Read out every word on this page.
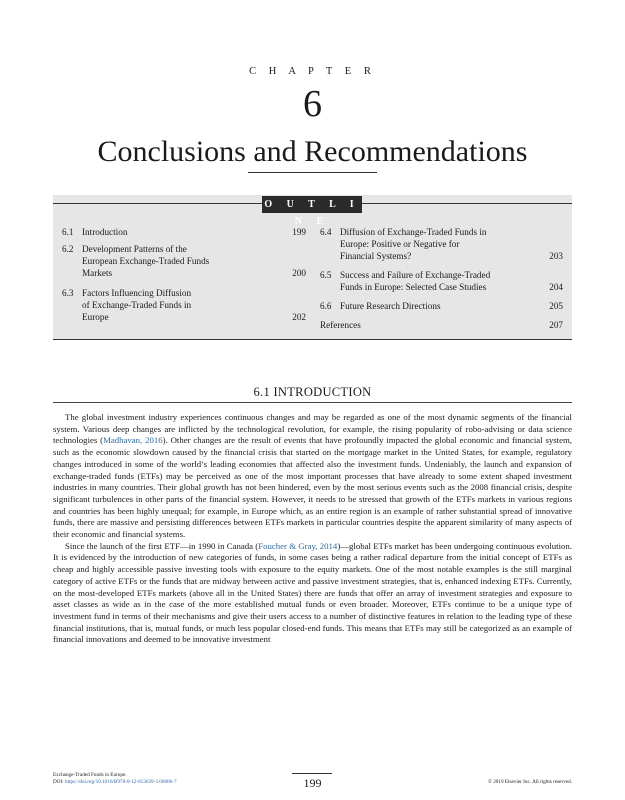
C H A P T E R
6
Conclusions and Recommendations
O U T L I N E
6.1 Introduction	199
6.2 Development Patterns of the
European Exchange-Traded Funds
Markets	200
6.3 Factors Influencing Diffusion
of Exchange-Traded Funds in
Europe	202
6.4 Diffusion of Exchange-Traded Funds in
Europe: Positive or Negative for
Financial Systems?	203
6.5 Success and Failure of Exchange-Traded
Funds in Europe: Selected Case Studies	204
6.6 Future Research Directions	205
References	207
6.1 INTRODUCTION

The global investment industry experiences continuous changes and may be regarded as one of the most dynamic segments of the financial system. Various deep changes are inflicted by the technological revolution, for example, the rising popularity of robo-advising or data science technologies (Madhavan, 2016). Other changes are the result of events that have profoundly impacted the global economic and financial system, such as the economic slowdown caused by the financial crisis that started on the mortgage market in the United States, for example, regulatory changes introduced in some of the world’s leading economies that affected also the investment funds. Undeniably, the launch and expansion of exchange-traded funds (ETFs) may be perceived as one of the most important processes that have already to some extent shaped investment industries in many countries. Their global growth has not been hindered, even by the most serious events such as the 2008 financial crisis, despite significant turbulences in other parts of the financial system. However, it needs to be stressed that growth of the ETFs markets in various regions and countries has been highly unequal; for example, in Europe which, as an entire region is an example of rather substantial spread of innovative funds, there are massive and persisting differences between ETFs markets in particular countries despite the apparent similarity of many aspects of their economic and financial systems.

Since the launch of the first ETF—in 1990 in Canada (Foucher & Gray, 2014)—global ETFs market has been undergoing continuous evolution. It is evidenced by the introduction of new categories of funds, in some cases being a rather radical departure from the initial concept of ETFs as cheap and highly accessible passive investing tools with exposure to the equity markets. One of the most notable examples is the still marginal category of active ETFs or the funds that are midway between active and passive investment strategies, that is, enhanced indexing ETFs. Currently, on the most-developed ETFs markets (above all in the United States) there are funds that offer an array of investment strategies and exposure to asset classes as wide as in the case of the more established mutual funds or even broader. Moreover, ETFs continue to be a unique type of investment fund in terms of their mechanisms and give their users access to a number of distinctive features in relation to the leading type of these financial institutions, that is, mutual funds, or much less popular closed-end funds. This means that ETFs may still be categorized as an example of financial innovations and deemed to be innovative investment

Exchange-Traded Funds in Europe.
DOI: https://doi.org/10.1016/B978-0-12-813639-3.00006-7	199	© 2019 Elsevier Inc. All rights reserved.
